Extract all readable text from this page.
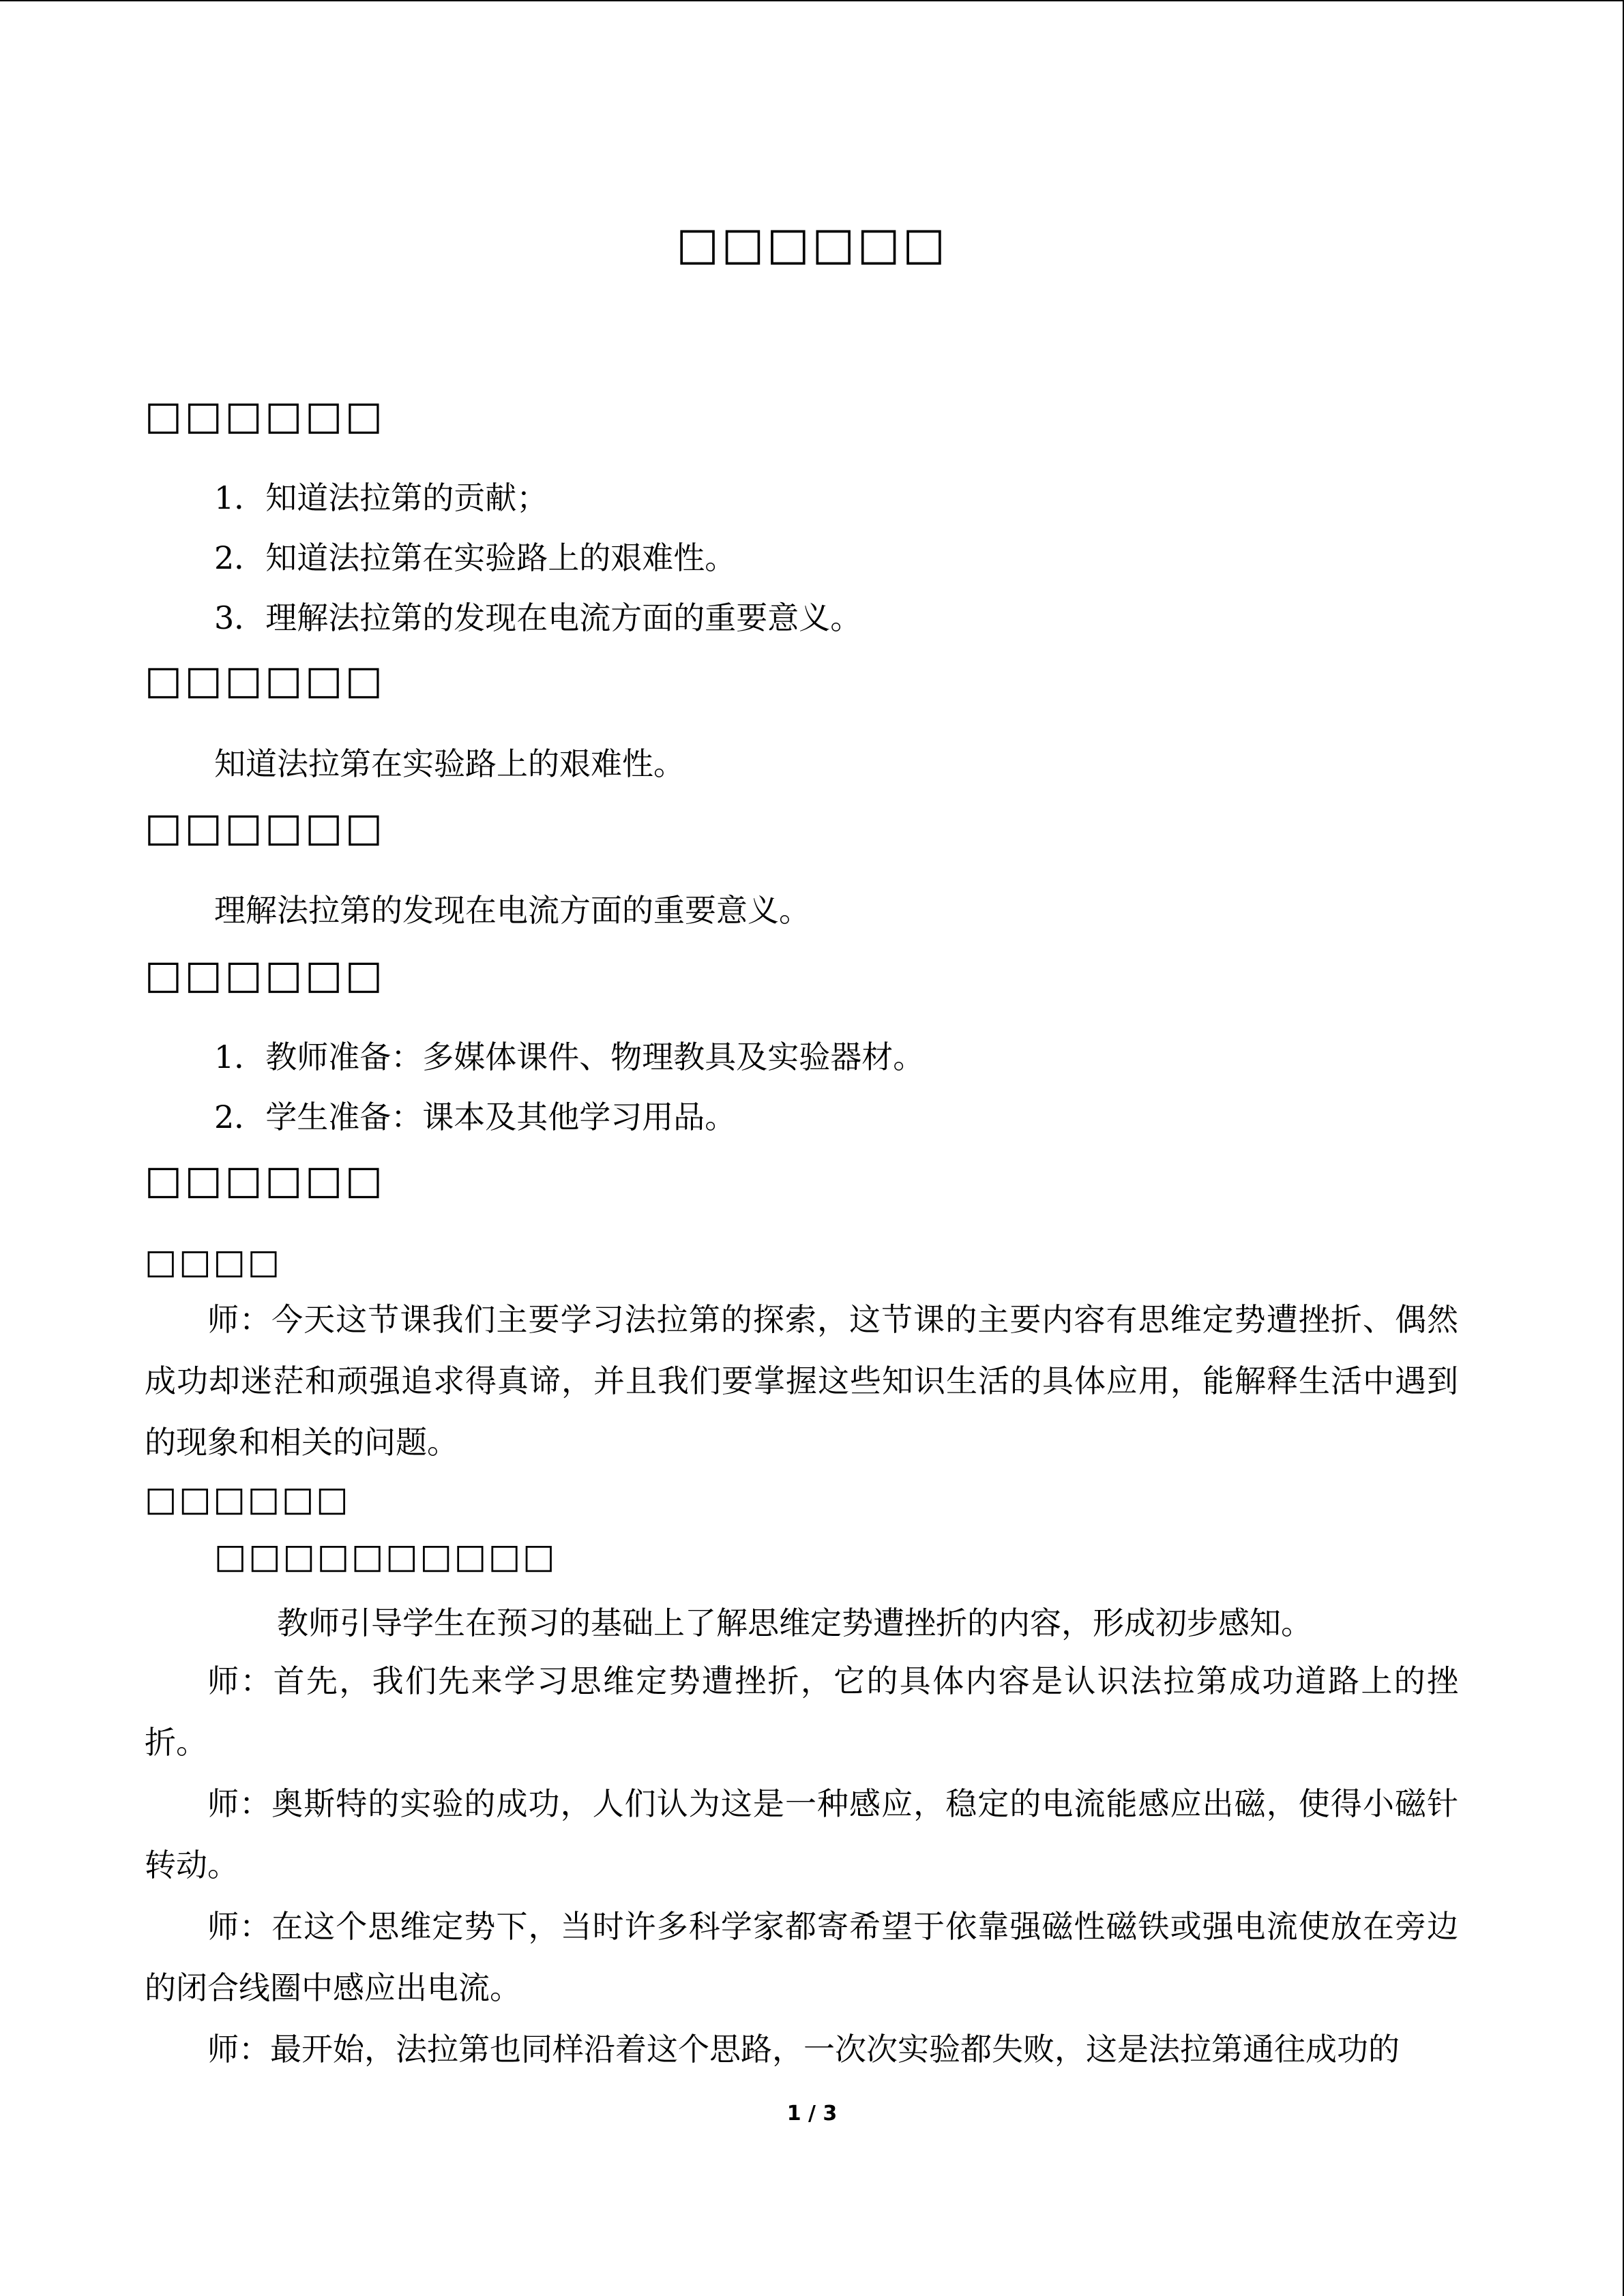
□□□□□□
□□□□□□
1．知道法拉第的贡献；
2．知道法拉第在实验路上的艰难性。
3．理解法拉第的发现在电流方面的重要意义。
□□□□□□
知道法拉第在实验路上的艰难性。
□□□□□□
理解法拉第的发现在电流方面的重要意义。
□□□□□□
1．教师准备：多媒体课件、物理教具及实验器材。
2．学生准备：课本及其他学习用品。
□□□□□□
□□□□
师：今天这节课我们主要学习法拉第的探索，这节课的主要内容有思维定势遭挫折、偶然成功却迷茫和顽强追求得真谛，并且我们要掌握这些知识生活的具体应用，能解释生活中遇到的现象和相关的问题。
□□□□□□
□□□□□□□□□□
教师引导学生在预习的基础上了解思维定势遭挫折的内容，形成初步感知。
师：首先，我们先来学习思维定势遭挫折，它的具体内容是认识法拉第成功道路上的挫折。
师：奥斯特的实验的成功，人们认为这是一种感应，稳定的电流能感应出磁，使得小磁针转动。
师：在这个思维定势下，当时许多科学家都寄希望于依靠强磁性磁铁或强电流使放在旁边的闭合线圈中感应出电流。
师：最开始，法拉第也同样沿着这个思路，一次次实验都失败，这是法拉第通往成功的
1 / 3
